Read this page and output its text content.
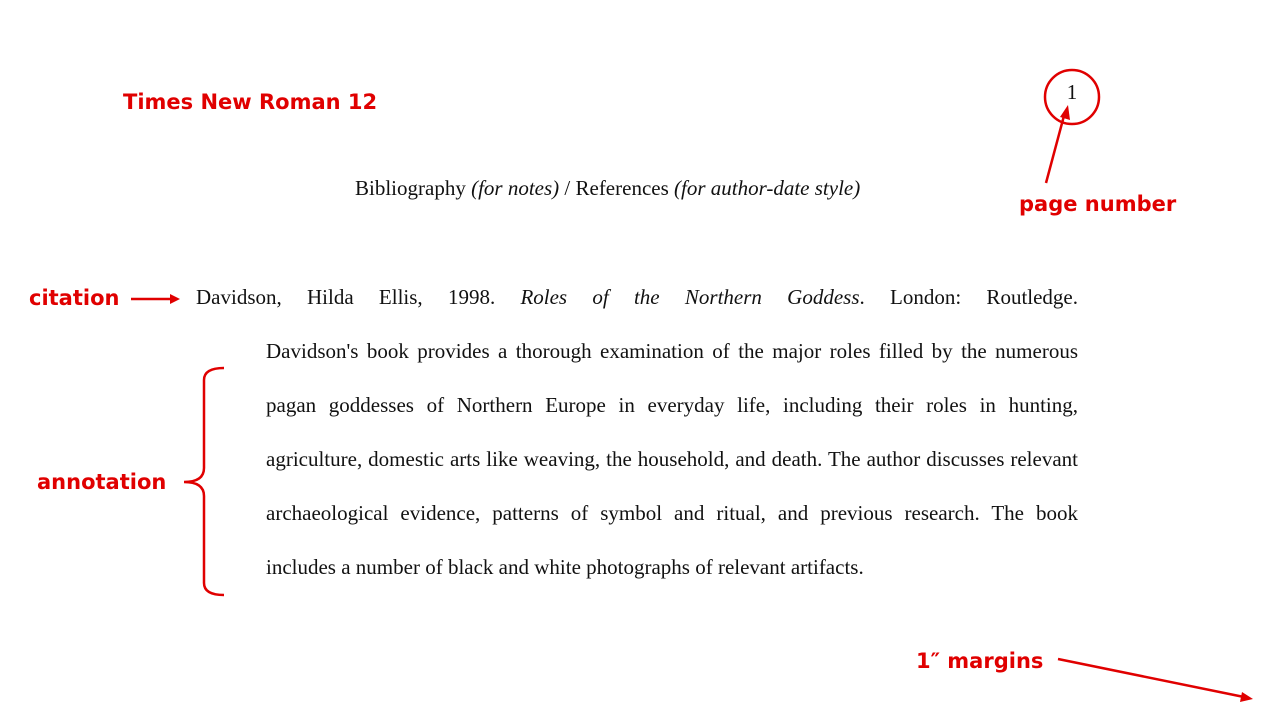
Times New Roman 12
page number
citation
annotation
1″ margins
1
Bibliography (for notes) / References (for author-date style)
Davidson, Hilda Ellis, 1998. Roles of the Northern Goddess. London: Routledge.
Davidson's book provides a thorough examination of the major roles filled by the numerous pagan goddesses of Northern Europe in everyday life, including their roles in hunting, agriculture, domestic arts like weaving, the household, and death. The author discusses relevant archaeological evidence, patterns of symbol and ritual, and previous research. The book includes a number of black and white photographs of relevant artifacts.
